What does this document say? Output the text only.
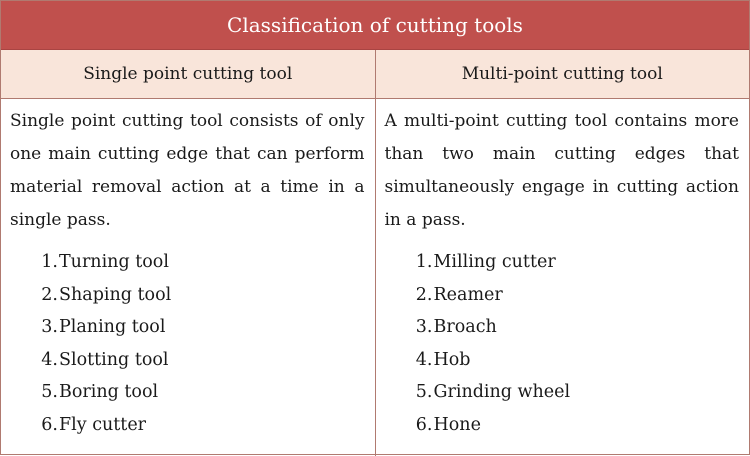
Classification of cutting tools
Single point cutting tool	Multi-point cutting tool

Single point cutting tool consists of only one main cutting edge that can perform material removal action at a time in a single pass.

1. Turning tool
2. Shaping tool
3. Planing tool
4. Slotting tool
5. Boring tool
6. Fly cutter

A multi-point cutting tool contains more than two main cutting edges that simultaneously engage in cutting action in a pass.

1. Milling cutter
2. Reamer
3. Broach
4. Hob
5. Grinding wheel
6. Hone
